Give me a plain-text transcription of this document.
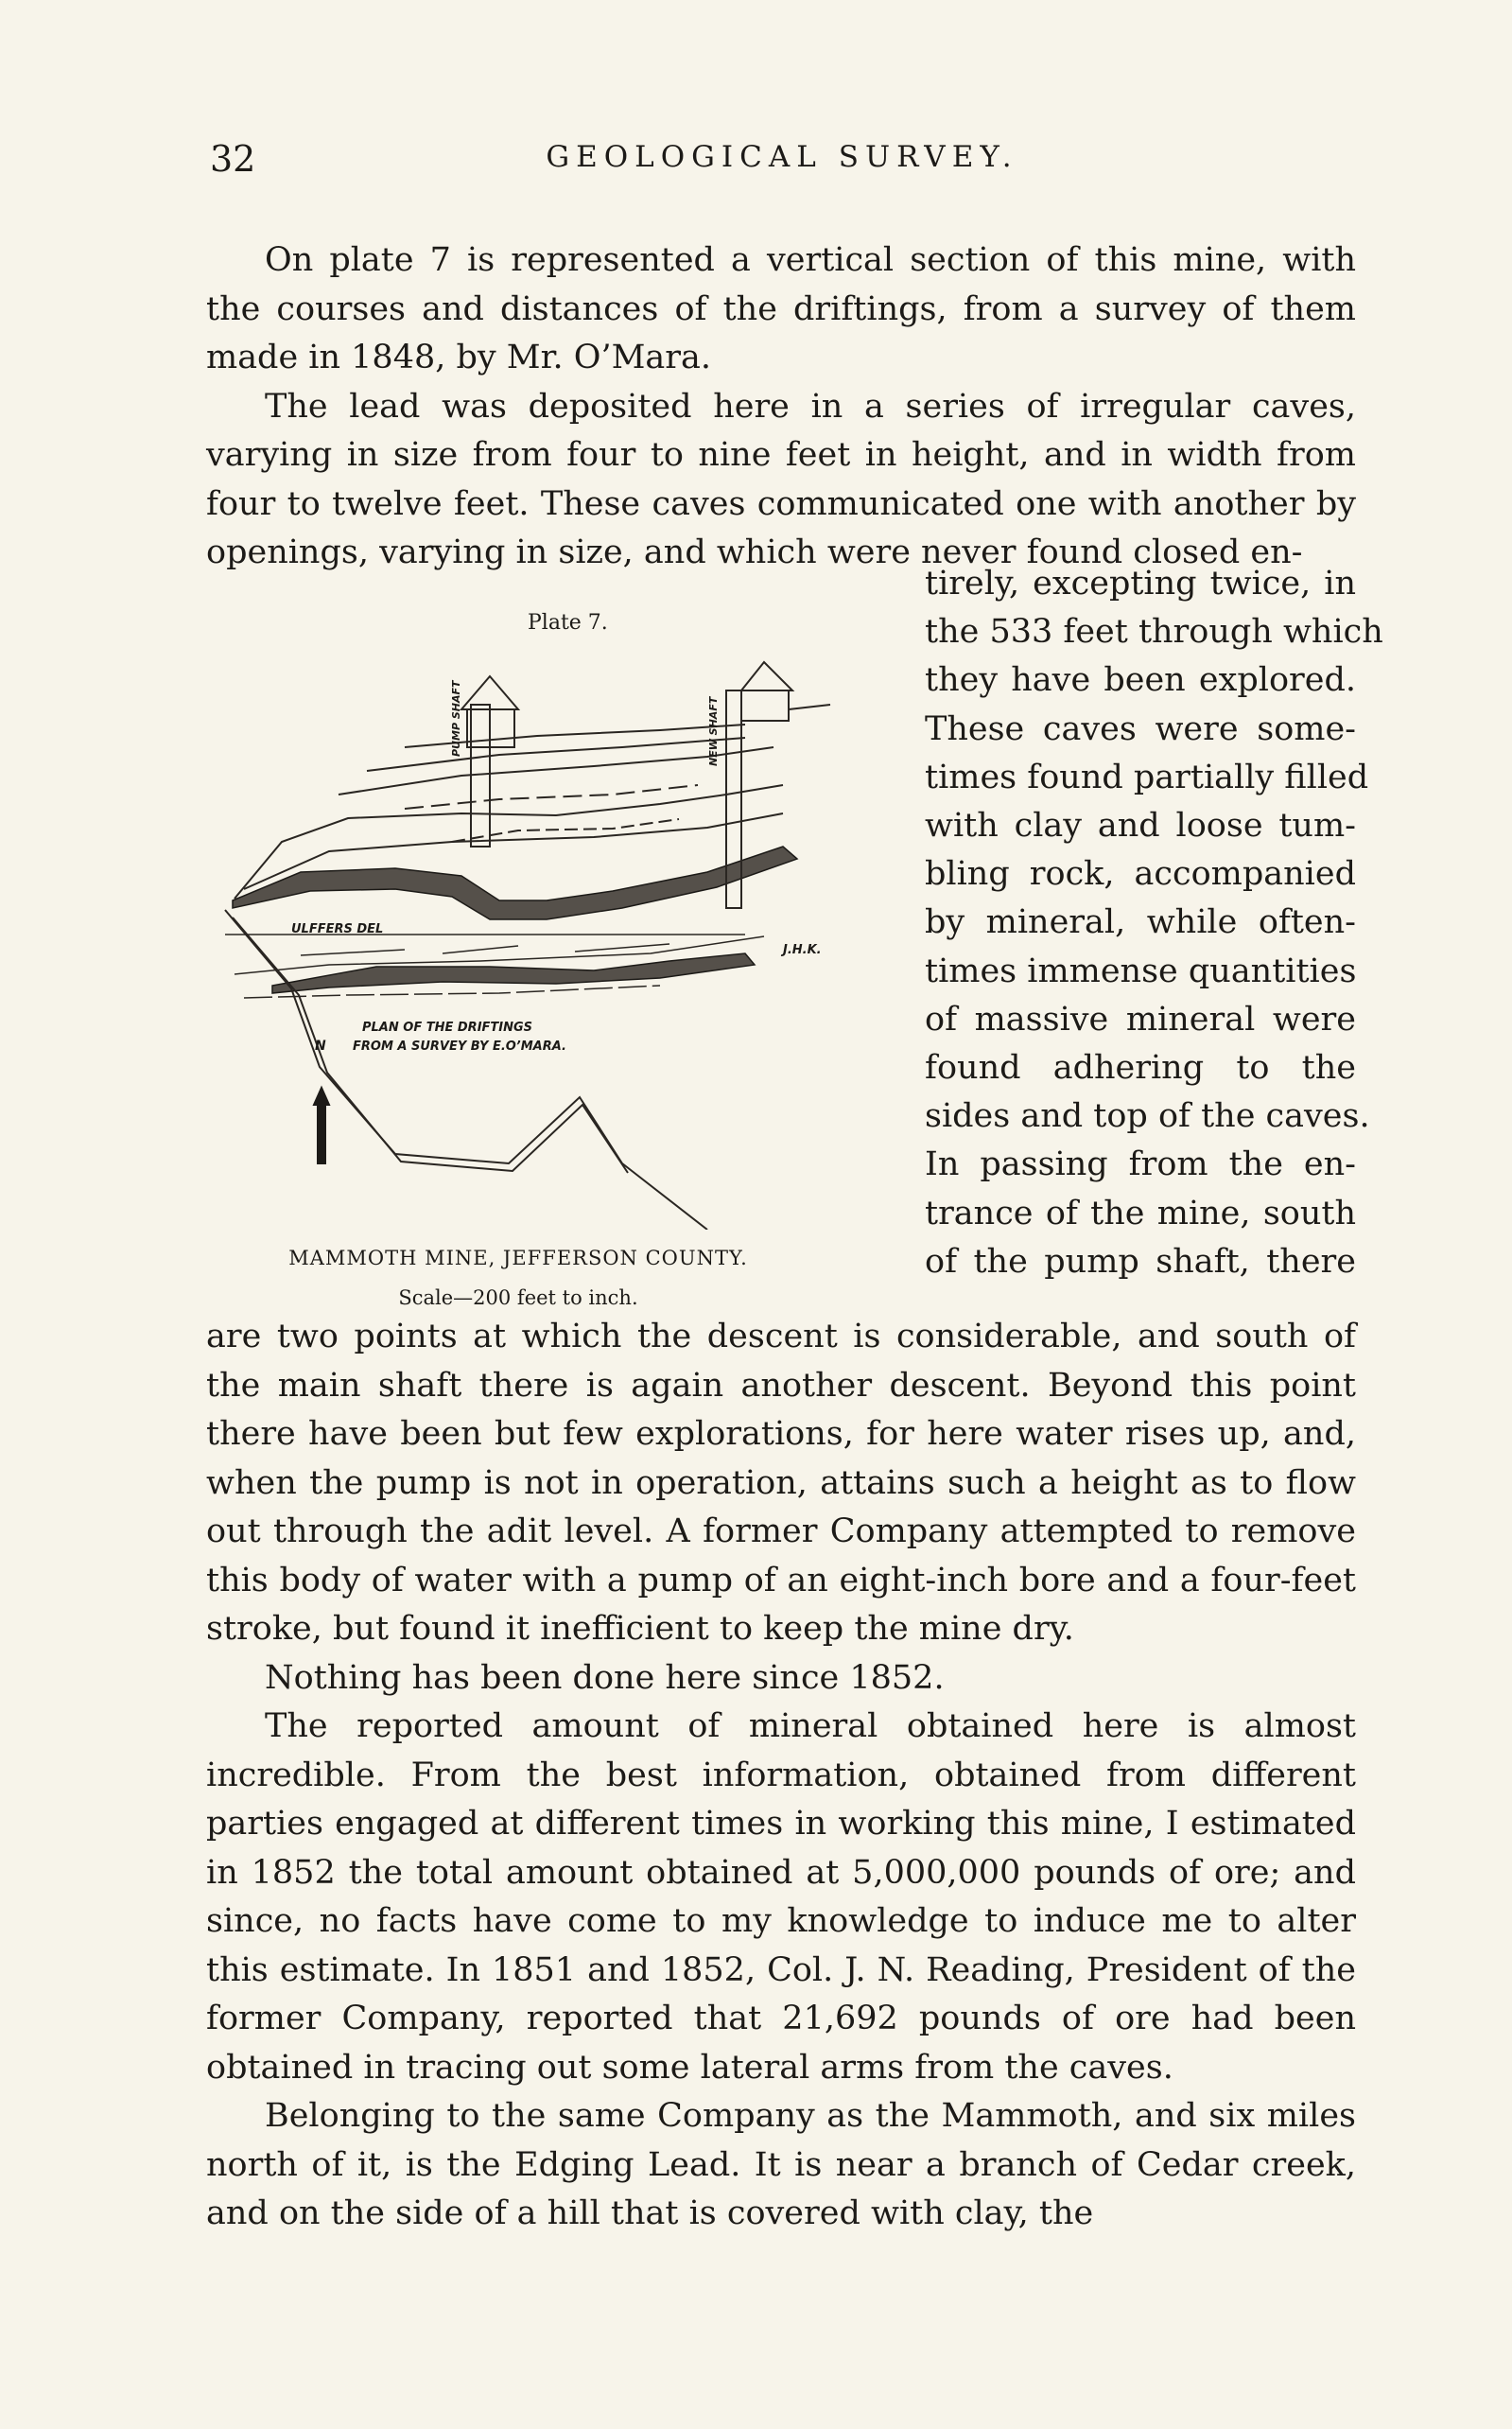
32	GEOLOGICAL SURVEY.

On plate 7 is represented a vertical section of this mine, with the courses and distances of the driftings, from a survey of them made in 1848, by Mr. O’Mara.

The lead was deposited here in a series of irregular caves, varying in size from four to nine feet in height, and in width from four to twelve feet. These caves communicated one with another by openings, varying in size, and which were never found closed en-

Plate 7.
PUMP SHAFT	NEW SHAFT
ULFFERS DEL
J.H.K.
PLAN OF THE DRIFTINGS
FROM A SURVEY BY E.O’MARA.
N
MAMMOTH MINE, JEFFERSON COUNTY.
Scale—200 feet to inch.
tirely, excepting twice, in
the 533 feet through which
they have been explored.
These caves were some-
times found partially filled
with clay and loose tum-
bling rock, accompanied
by mineral, while often-
times immense quantities
of massive mineral were
found adhering to the
sides and top of the caves.
In passing from the en-
trance of the mine, south
of the pump shaft, there

are two points at which the descent is considerable, and south of the main shaft there is again another descent. Beyond this point there have been but few explorations, for here water rises up, and, when the pump is not in operation, attains such a height as to flow out through the adit level. A former Company attempted to remove this body of water with a pump of an eight-inch bore and a four-feet stroke, but found it inefficient to keep the mine dry.

Nothing has been done here since 1852.

The reported amount of mineral obtained here is almost incredible. From the best information, obtained from different parties engaged at different times in working this mine, I estimated in 1852 the total amount obtained at 5,000,000 pounds of ore; and since, no facts have come to my knowledge to induce me to alter this estimate. In 1851 and 1852, Col. J. N. Reading, President of the former Company, reported that 21,692 pounds of ore had been obtained in tracing out some lateral arms from the caves.

Belonging to the same Company as the Mammoth, and six miles north of it, is the Edging Lead. It is near a branch of Cedar creek, and on the side of a hill that is covered with clay, the
